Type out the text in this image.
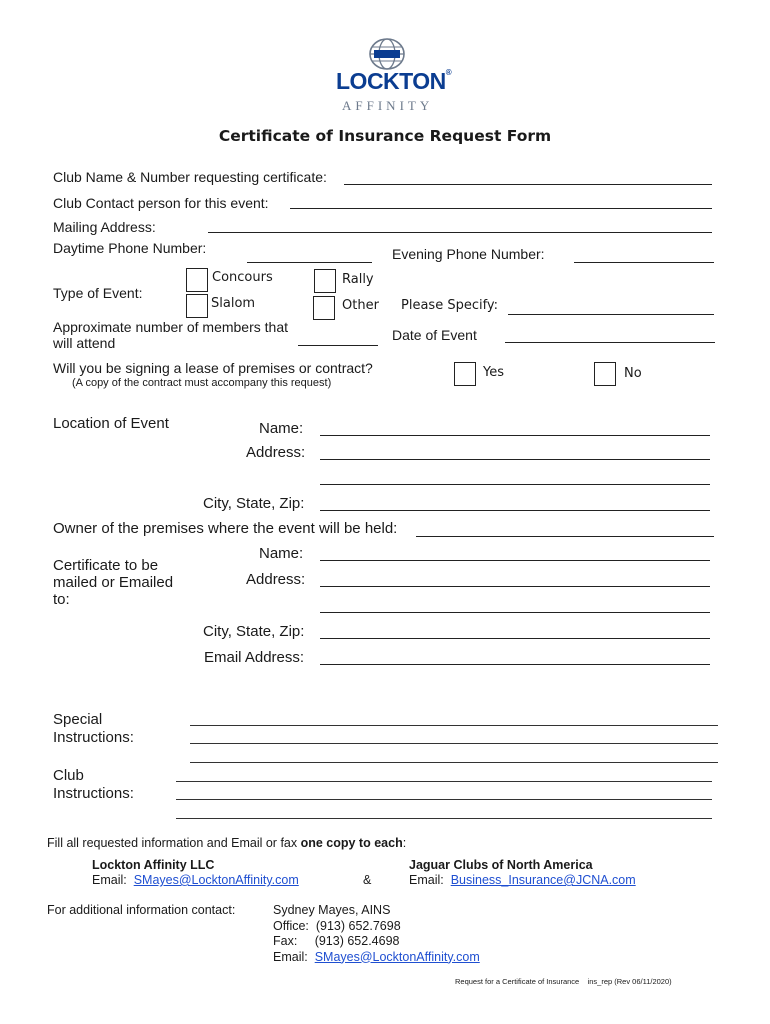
LOCKTON®
AFFINITY
Certificate of Insurance Request Form
Club Name & Number requesting certificate:
Club Contact person for this event:
Mailing Address:
Daytime Phone Number:	Evening Phone Number:
Type of Event:
Concours	Rally
Slalom	Other Please Specify:
Approximate number of members that
will attend	Date of Event
Will you be signing a lease of premises or contract?
(A copy of the contract must accompany this request)
Yes	No
Location of Event	Name:
Address:
City, State, Zip:
Owner of the premises where the event will be held:
Certificate to be
mailed or Emailed
to:
Name:
Address:
City, State, Zip:
Email Address:
Special
Instructions:
Club
Instructions:
Fill all requested information and Email or fax one copy to each:
Lockton Affinity LLC
Email: SMayes@LocktonAffinity.com	&
Jaguar Clubs of North America
Email: Business_Insurance@JCNA.com
For additional information contact:	Sydney Mayes, AINS
Office: (913) 652.7698
Fax: (913) 652.4698
Email: SMayes@LocktonAffinity.com
Request for a Certificate of Insurance    ins_rep (Rev 06/11/2020)
